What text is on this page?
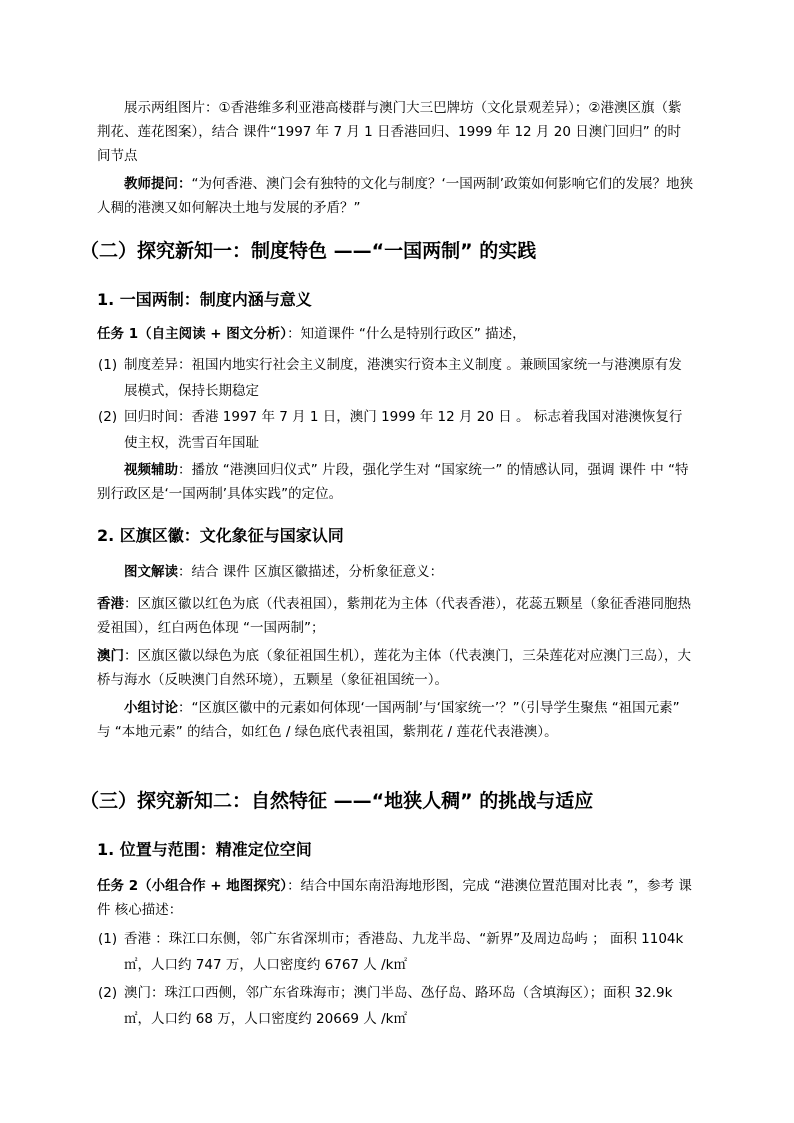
展示两组图片：①香港维多利亚港高楼群与澳门大三巴牌坊（文化景观差异）；②港澳区旗（紫荆花、莲花图案），结合 课件“1997 年 7 月 1 日香港回归、1999 年 12 月 20 日澳门回归” 的时间节点

教师提问：“为何香港、澳门会有独特的文化与制度？‘一国两制’政策如何影响它们的发展？地狭人稠的港澳又如何解决土地与发展的矛盾？”

（二）探究新知一：制度特色 ——“一国两制” 的实践
1. 一国两制：制度内涵与意义

任务 1（自主阅读 + 图文分析）：知道课件 “什么是特别行政区” 描述，

(1) 制度差异：祖国内地实行社会主义制度，港澳实行资本主义制度 。兼顾国家统一与港澳原有发展模式，保持长期稳定

(2) 回归时间：香港 1997 年 7 月 1 日，澳门 1999 年 12 月 20 日 。 标志着我国对港澳恢复行使主权，洗雪百年国耻

视频辅助：播放 “港澳回归仪式” 片段，强化学生对 “国家统一” 的情感认同，强调 课件 中 “特别行政区是‘一国两制’具体实践”的定位。

2. 区旗区徽：文化象征与国家认同

图文解读：结合 课件 区旗区徽描述，分析象征意义：

香港：区旗区徽以红色为底（代表祖国），紫荆花为主体（代表香港），花蕊五颗星（象征香港同胞热爱祖国），红白两色体现 “一国两制”；

澳门：区旗区徽以绿色为底（象征祖国生机），莲花为主体（代表澳门，三朵莲花对应澳门三岛），大桥与海水（反映澳门自然环境），五颗星（象征祖国统一）。

小组讨论：“区旗区徽中的元素如何体现‘一国两制’与‘国家统一’？”（引导学生聚焦 “祖国元素” 与 “本地元素” 的结合，如红色 / 绿色底代表祖国，紫荆花 / 莲花代表港澳）。

（三）探究新知二：自然特征 ——“地狭人稠” 的挑战与适应
1. 位置与范围：精准定位空间

任务 2（小组合作 + 地图探究）：结合中国东南沿海地形图，完成 “港澳位置范围对比表 ”，参考 课件 核心描述：

(1) 香港 ：珠江口东侧，邻广东省深圳市；香港岛、九龙半岛、“新界”及周边岛屿 ； 面积 1104k㎡，人口约 747 万，人口密度约 6767 人 /k㎡

(2) 澳门：珠江口西侧，邻广东省珠海市；澳门半岛、氹仔岛、路环岛（含填海区）；面积 32.9k㎡，人口约 68 万，人口密度约 20669 人 /k㎡
